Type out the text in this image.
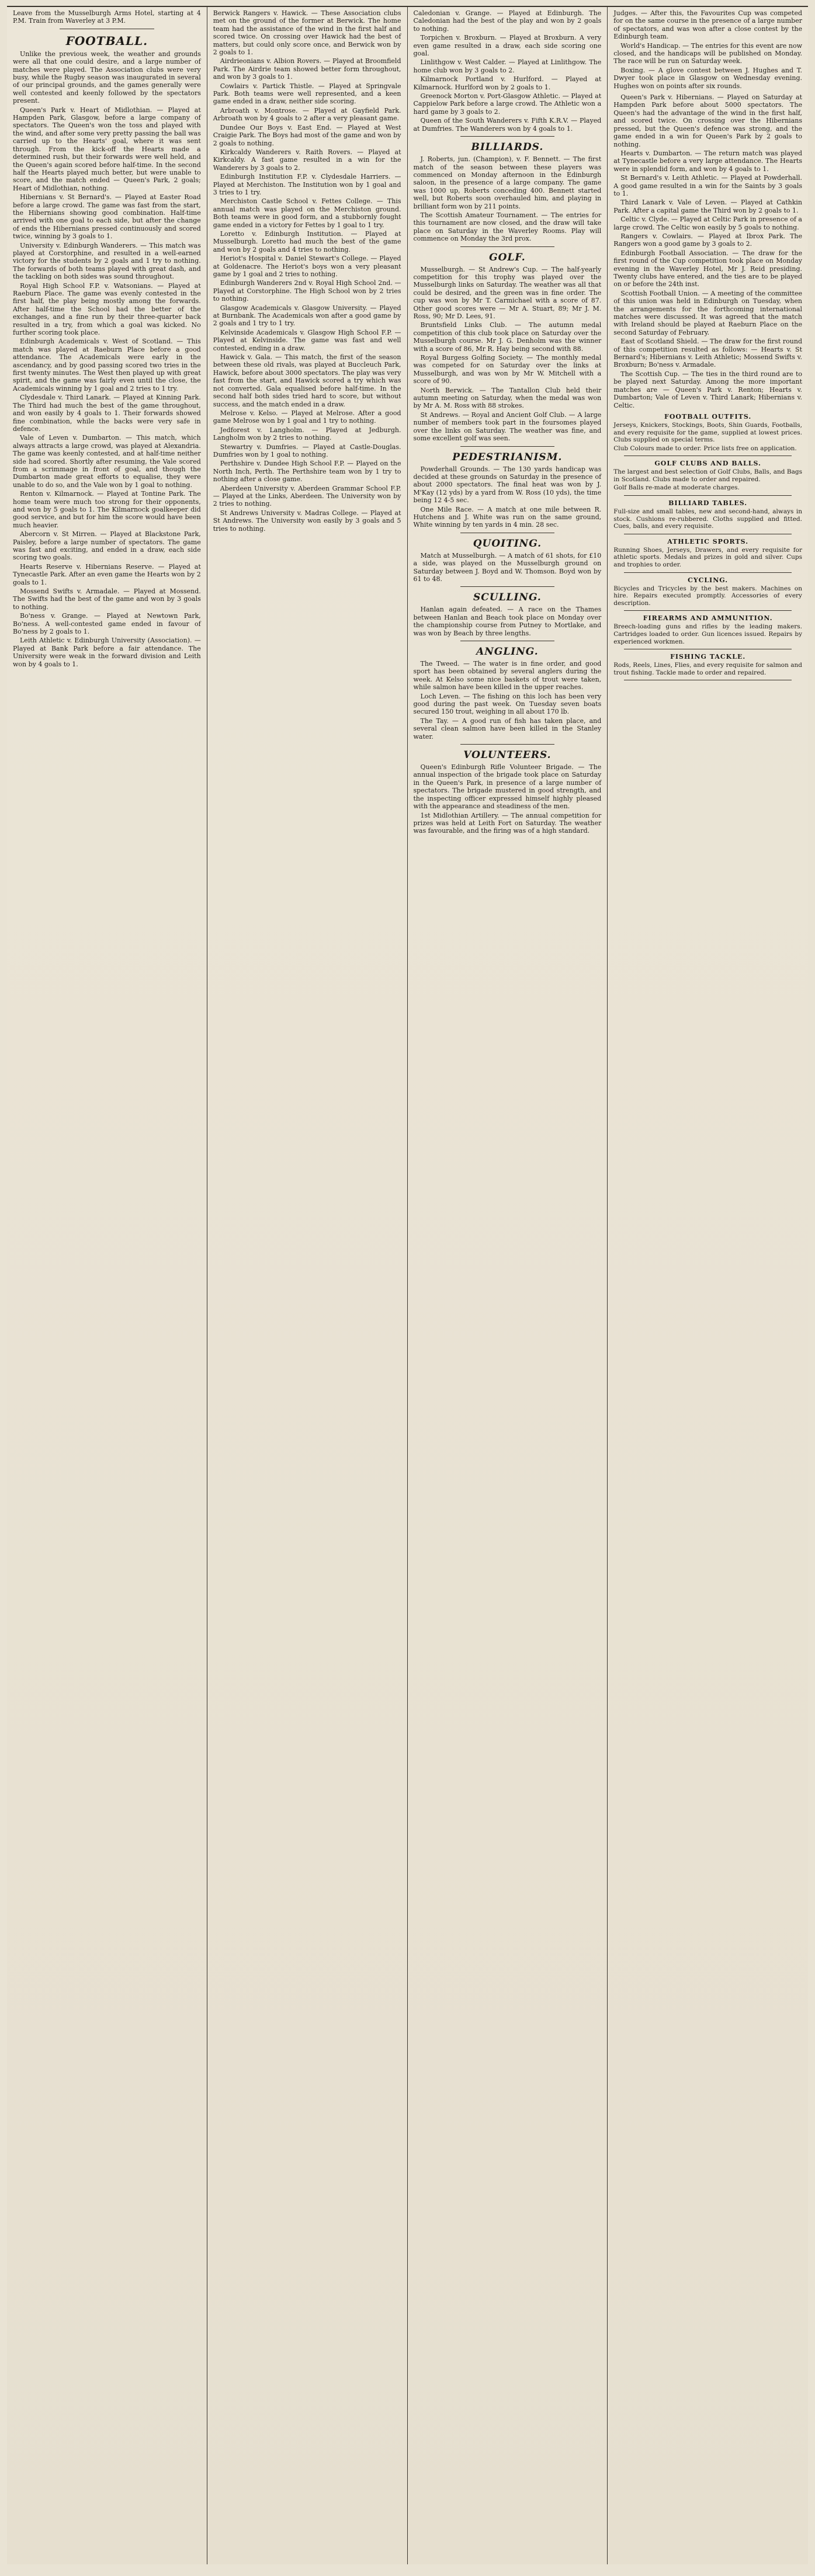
Leave from the Musselburgh Arms Hotel, starting at 4 P.M. Train from Waverley at 3 P.M.

FOOTBALL.

Unlike the previous week, the weather and grounds were all that one could desire, and a large number of matches were played. The Association clubs were very busy, while the Rugby season was inaugurated in several of our principal grounds, and the games generally were well contested and keenly followed by the spectators present.

Queen's Park v. Heart of Midlothian. — Played at Hampden Park, Glasgow, before a large company of spectators. The Queen's won the toss and played with the wind, and after some very pretty passing the ball was carried up to the Hearts' goal, where it was sent through. From the kick-off the Hearts made a determined rush, but their forwards were well held, and the Queen's again scored before half-time. In the second half the Hearts played much better, but were unable to score, and the match ended — Queen's Park, 2 goals; Heart of Midlothian, nothing.

Hibernians v. St Bernard's. — Played at Easter Road before a large crowd. The game was fast from the start, the Hibernians showing good combination. Half-time arrived with one goal to each side, but after the change of ends the Hibernians pressed continuously and scored twice, winning by 3 goals to 1.

University v. Edinburgh Wanderers. — This match was played at Corstorphine, and resulted in a well-earned victory for the students by 2 goals and 1 try to nothing. The forwards of both teams played with great dash, and the tackling on both sides was sound throughout.

Royal High School F.P. v. Watsonians. — Played at Raeburn Place. The game was evenly contested in the first half, the play being mostly among the forwards. After half-time the School had the better of the exchanges, and a fine run by their three-quarter back resulted in a try, from which a goal was kicked. No further scoring took place.

Edinburgh Academicals v. West of Scotland. — This match was played at Raeburn Place before a good attendance. The Academicals were early in the ascendancy, and by good passing scored two tries in the first twenty minutes. The West then played up with great spirit, and the game was fairly even until the close, the Academicals winning by 1 goal and 2 tries to 1 try.

Clydesdale v. Third Lanark. — Played at Kinning Park. The Third had much the best of the game throughout, and won easily by 4 goals to 1. Their forwards showed fine combination, while the backs were very safe in defence.

Vale of Leven v. Dumbarton. — This match, which always attracts a large crowd, was played at Alexandria. The game was keenly contested, and at half-time neither side had scored. Shortly after resuming, the Vale scored from a scrimmage in front of goal, and though the Dumbarton made great efforts to equalise, they were unable to do so, and the Vale won by 1 goal to nothing.

Renton v. Kilmarnock. — Played at Tontine Park. The home team were much too strong for their opponents, and won by 5 goals to 1. The Kilmarnock goalkeeper did good service, and but for him the score would have been much heavier.

Abercorn v. St Mirren. — Played at Blackstone Park, Paisley, before a large number of spectators. The game was fast and exciting, and ended in a draw, each side scoring two goals.

Hearts Reserve v. Hibernians Reserve. — Played at Tynecastle Park. After an even game the Hearts won by 2 goals to 1.

Mossend Swifts v. Armadale. — Played at Mossend. The Swifts had the best of the game and won by 3 goals to nothing.

Bo'ness v. Grange. — Played at Newtown Park, Bo'ness. A well-contested game ended in favour of Bo'ness by 2 goals to 1.

Leith Athletic v. Edinburgh University (Association). — Played at Bank Park before a fair attendance. The University were weak in the forward division and Leith won by 4 goals to 1.

Berwick Rangers v. Hawick. — These Association clubs met on the ground of the former at Berwick. The home team had the assistance of the wind in the first half and scored twice. On crossing over Hawick had the best of matters, but could only score once, and Berwick won by 2 goals to 1.

Airdrieonians v. Albion Rovers. — Played at Broomfield Park. The Airdrie team showed better form throughout, and won by 3 goals to 1.

Cowlairs v. Partick Thistle. — Played at Springvale Park. Both teams were well represented, and a keen game ended in a draw, neither side scoring.

Arbroath v. Montrose. — Played at Gayfield Park. Arbroath won by 4 goals to 2 after a very pleasant game.

Dundee Our Boys v. East End. — Played at West Craigie Park. The Boys had most of the game and won by 2 goals to nothing.

Kirkcaldy Wanderers v. Raith Rovers. — Played at Kirkcaldy. A fast game resulted in a win for the Wanderers by 3 goals to 2.

Edinburgh Institution F.P. v. Clydesdale Harriers. — Played at Merchiston. The Institution won by 1 goal and 3 tries to 1 try.

Merchiston Castle School v. Fettes College. — This annual match was played on the Merchiston ground. Both teams were in good form, and a stubbornly fought game ended in a victory for Fettes by 1 goal to 1 try.

Loretto v. Edinburgh Institution. — Played at Musselburgh. Loretto had much the best of the game and won by 2 goals and 4 tries to nothing.

Heriot's Hospital v. Daniel Stewart's College. — Played at Goldenacre. The Heriot's boys won a very pleasant game by 1 goal and 2 tries to nothing.

Edinburgh Wanderers 2nd v. Royal High School 2nd. — Played at Corstorphine. The High School won by 2 tries to nothing.

Glasgow Academicals v. Glasgow University. — Played at Burnbank. The Academicals won after a good game by 2 goals and 1 try to 1 try.

Kelvinside Academicals v. Glasgow High School F.P. — Played at Kelvinside. The game was fast and well contested, ending in a draw.

Hawick v. Gala. — This match, the first of the season between these old rivals, was played at Buccleuch Park, Hawick, before about 3000 spectators. The play was very fast from the start, and Hawick scored a try which was not converted. Gala equalised before half-time. In the second half both sides tried hard to score, but without success, and the match ended in a draw.

Melrose v. Kelso. — Played at Melrose. After a good game Melrose won by 1 goal and 1 try to nothing.

Jedforest v. Langholm. — Played at Jedburgh. Langholm won by 2 tries to nothing.

Stewartry v. Dumfries. — Played at Castle-Douglas. Dumfries won by 1 goal to nothing.

Perthshire v. Dundee High School F.P. — Played on the North Inch, Perth. The Perthshire team won by 1 try to nothing after a close game.

Aberdeen University v. Aberdeen Grammar School F.P. — Played at the Links, Aberdeen. The University won by 2 tries to nothing.

St Andrews University v. Madras College. — Played at St Andrews. The University won easily by 3 goals and 5 tries to nothing.

Caledonian v. Grange. — Played at Edinburgh. The Caledonian had the best of the play and won by 2 goals to nothing.

Torpichen v. Broxburn. — Played at Broxburn. A very even game resulted in a draw, each side scoring one goal.

Linlithgow v. West Calder. — Played at Linlithgow. The home club won by 3 goals to 2.

Kilmarnock Portland v. Hurlford. — Played at Kilmarnock. Hurlford won by 2 goals to 1.

Greenock Morton v. Port-Glasgow Athletic. — Played at Cappielow Park before a large crowd. The Athletic won a hard game by 3 goals to 2.

Queen of the South Wanderers v. Fifth K.R.V. — Played at Dumfries. The Wanderers won by 4 goals to 1.

BILLIARDS.

J. Roberts, jun. (Champion), v. F. Bennett. — The first match of the season between these players was commenced on Monday afternoon in the Edinburgh saloon, in the presence of a large company. The game was 1000 up, Roberts conceding 400. Bennett started well, but Roberts soon overhauled him, and playing in brilliant form won by 211 points.

The Scottish Amateur Tournament. — The entries for this tournament are now closed, and the draw will take place on Saturday in the Waverley Rooms. Play will commence on Monday the 3rd prox.

GOLF.

Musselburgh. — St Andrew's Cup. — The half-yearly competition for this trophy was played over the Musselburgh links on Saturday. The weather was all that could be desired, and the green was in fine order. The cup was won by Mr T. Carmichael with a score of 87. Other good scores were — Mr A. Stuart, 89; Mr J. M. Ross, 90; Mr D. Lees, 91.

Bruntsfield Links Club. — The autumn medal competition of this club took place on Saturday over the Musselburgh course. Mr J. G. Denholm was the winner with a score of 86, Mr R. Hay being second with 88.

Royal Burgess Golfing Society. — The monthly medal was competed for on Saturday over the links at Musselburgh, and was won by Mr W. Mitchell with a score of 90.

North Berwick. — The Tantallon Club held their autumn meeting on Saturday, when the medal was won by Mr A. M. Ross with 88 strokes.

St Andrews. — Royal and Ancient Golf Club. — A large number of members took part in the foursomes played over the links on Saturday. The weather was fine, and some excellent golf was seen.

PEDESTRIANISM.

Powderhall Grounds. — The 130 yards handicap was decided at these grounds on Saturday in the presence of about 2000 spectators. The final heat was won by J. M'Kay (12 yds) by a yard from W. Ross (10 yds), the time being 12 4-5 sec.

One Mile Race. — A match at one mile between R. Hutchens and J. White was run on the same ground, White winning by ten yards in 4 min. 28 sec.

QUOITING.

Match at Musselburgh. — A match of 61 shots, for £10 a side, was played on the Musselburgh ground on Saturday between J. Boyd and W. Thomson. Boyd won by 61 to 48.

SCULLING.

Hanlan again defeated. — A race on the Thames between Hanlan and Beach took place on Monday over the championship course from Putney to Mortlake, and was won by Beach by three lengths.

ANGLING.

The Tweed. — The water is in fine order, and good sport has been obtained by several anglers during the week. At Kelso some nice baskets of trout were taken, while salmon have been killed in the upper reaches.

Loch Leven. — The fishing on this loch has been very good during the past week. On Tuesday seven boats secured 150 trout, weighing in all about 170 lb.

The Tay. — A good run of fish has taken place, and several clean salmon have been killed in the Stanley water.

VOLUNTEERS.

Queen's Edinburgh Rifle Volunteer Brigade. — The annual inspection of the brigade took place on Saturday in the Queen's Park, in presence of a large number of spectators. The brigade mustered in good strength, and the inspecting officer expressed himself highly pleased with the appearance and steadiness of the men.

1st Midlothian Artillery. — The annual competition for prizes was held at Leith Fort on Saturday. The weather was favourable, and the firing was of a high standard.

Judges. — After this, the Favourites Cup was competed for on the same course in the presence of a large number of spectators, and was won after a close contest by the Edinburgh team.

World's Handicap. — The entries for this event are now closed, and the handicaps will be published on Monday. The race will be run on Saturday week.

Boxing. — A glove contest between J. Hughes and T. Dwyer took place in Glasgow on Wednesday evening. Hughes won on points after six rounds.

Queen's Park v. Hibernians. — Played on Saturday at Hampden Park before about 5000 spectators. The Queen's had the advantage of the wind in the first half, and scored twice. On crossing over the Hibernians pressed, but the Queen's defence was strong, and the game ended in a win for Queen's Park by 2 goals to nothing.

Hearts v. Dumbarton. — The return match was played at Tynecastle before a very large attendance. The Hearts were in splendid form, and won by 4 goals to 1.

St Bernard's v. Leith Athletic. — Played at Powderhall. A good game resulted in a win for the Saints by 3 goals to 1.

Third Lanark v. Vale of Leven. — Played at Cathkin Park. After a capital game the Third won by 2 goals to 1.

Celtic v. Clyde. — Played at Celtic Park in presence of a large crowd. The Celtic won easily by 5 goals to nothing.

Rangers v. Cowlairs. — Played at Ibrox Park. The Rangers won a good game by 3 goals to 2.

Edinburgh Football Association. — The draw for the first round of the Cup competition took place on Monday evening in the Waverley Hotel, Mr J. Reid presiding. Twenty clubs have entered, and the ties are to be played on or before the 24th inst.

Scottish Football Union. — A meeting of the committee of this union was held in Edinburgh on Tuesday, when the arrangements for the forthcoming international matches were discussed. It was agreed that the match with Ireland should be played at Raeburn Place on the second Saturday of February.

East of Scotland Shield. — The draw for the first round of this competition resulted as follows: — Hearts v. St Bernard's; Hibernians v. Leith Athletic; Mossend Swifts v. Broxburn; Bo'ness v. Armadale.

The Scottish Cup. — The ties in the third round are to be played next Saturday. Among the more important matches are — Queen's Park v. Renton; Hearts v. Dumbarton; Vale of Leven v. Third Lanark; Hibernians v. Celtic.

FOOTBALL OUTFITS.

Jerseys, Knickers, Stockings, Boots, Shin Guards, Footballs, and every requisite for the game, supplied at lowest prices. Clubs supplied on special terms.

Club Colours made to order. Price lists free on application.

GOLF CLUBS AND BALLS.

The largest and best selection of Golf Clubs, Balls, and Bags in Scotland. Clubs made to order and repaired.

Golf Balls re-made at moderate charges.

BILLIARD TABLES.

Full-size and small tables, new and second-hand, always in stock. Cushions re-rubbered. Cloths supplied and fitted. Cues, balls, and every requisite.

ATHLETIC SPORTS.

Running Shoes, Jerseys, Drawers, and every requisite for athletic sports. Medals and prizes in gold and silver. Cups and trophies to order.

CYCLING.

Bicycles and Tricycles by the best makers. Machines on hire. Repairs executed promptly. Accessories of every description.

FIREARMS AND AMMUNITION.

Breech-loading guns and rifles by the leading makers. Cartridges loaded to order. Gun licences issued. Repairs by experienced workmen.

FISHING TACKLE.

Rods, Reels, Lines, Flies, and every requisite for salmon and trout fishing. Tackle made to order and repaired.
